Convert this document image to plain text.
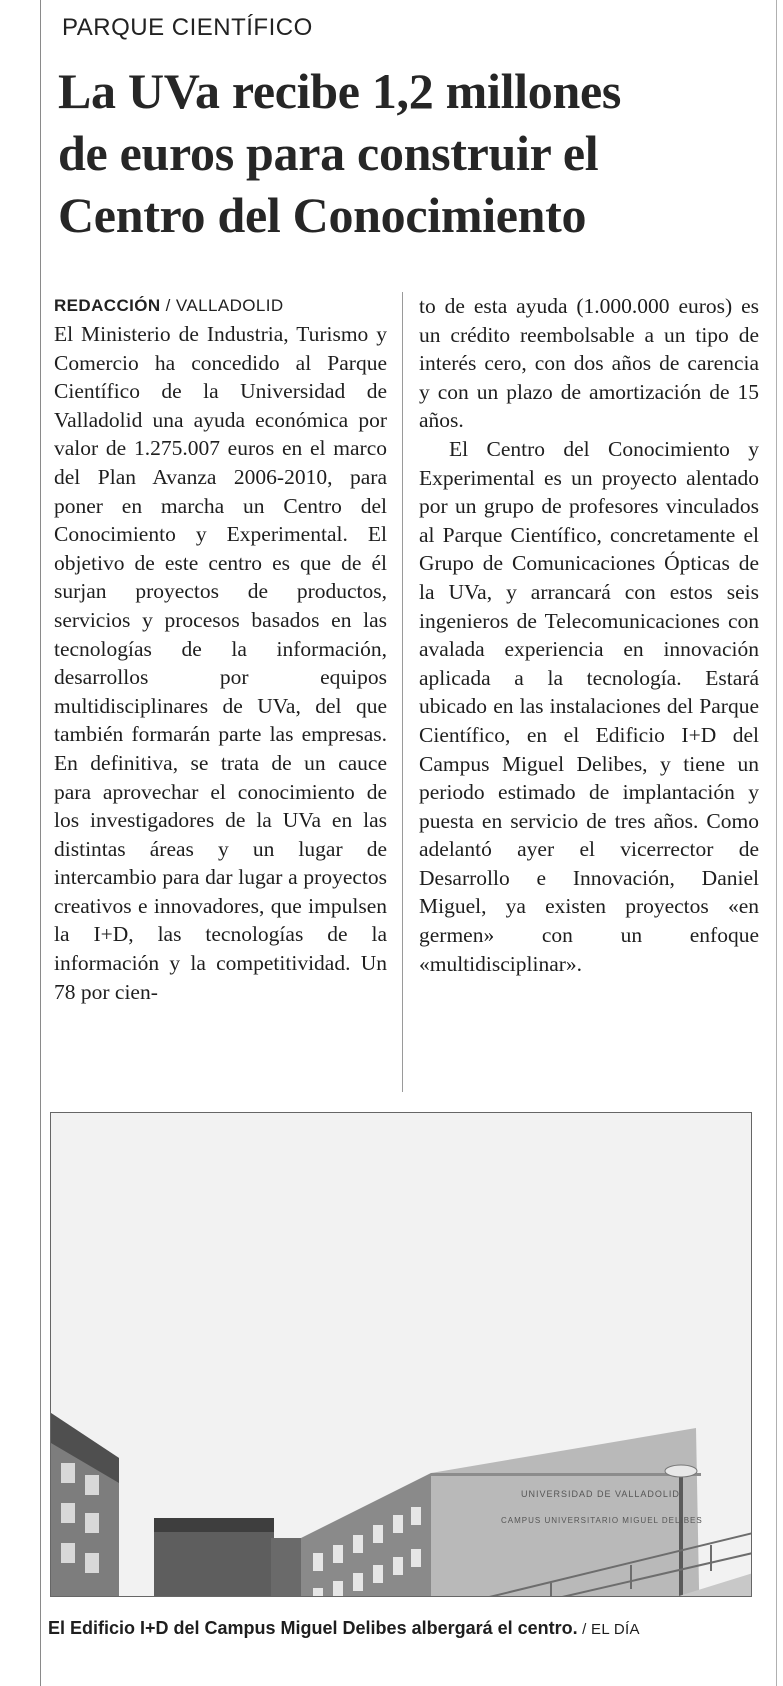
PARQUE CIENTÍFICO
La UVa recibe 1,2 millones
de euros para construir el
Centro del Conocimiento
REDACCIÓN / VALLADOLID

El Ministerio de Industria, Turismo y Comercio ha concedido al Parque Científico de la Universidad de Valladolid una ayuda económica por valor de 1.275.007 euros en el marco del Plan Avanza 2006-2010, para poner en marcha un Centro del Conocimiento y Experimental. El objetivo de este centro es que de él surjan proyectos de productos, servicios y procesos basados en las tecnologías de la información, desarrollos por equipos multidisciplinares de UVa, del que también formarán parte las empresas. En definitiva, se trata de un cauce para aprovechar el conocimiento de los investigadores de la UVa en las distintas áreas y un lugar de intercambio para dar lugar a proyectos creativos e innovadores, que impulsen la I+D, las tecnologías de la información y la competitividad. Un 78 por cien-

to de esta ayuda (1.000.000 euros) es un crédito reembolsable a un tipo de interés cero, con dos años de carencia y con un plazo de amortización de 15 años.

El Centro del Conocimiento y Experimental es un proyecto alentado por un grupo de profesores vinculados al Parque Científico, concretamente el Grupo de Comunicaciones Ópticas de la UVa, y arrancará con estos seis ingenieros de Telecomunicaciones con avalada experiencia en innovación aplicada a la tecnología. Estará ubicado en las instalaciones del Parque Científico, en el Edificio I+D del Campus Miguel Delibes, y tiene un periodo estimado de implantación y puesta en servicio de tres años. Como adelantó ayer el vicerrector de Desarrollo e Innovación, Daniel Miguel, ya existen proyectos «en germen» con un enfoque «multidisciplinar».

UNIVERSIDAD DE VALLADOLID
CAMPUS UNIVERSITARIO MIGUEL DELIBES
El Edificio I+D del Campus Miguel Delibes albergará el centro. / EL DÍA
